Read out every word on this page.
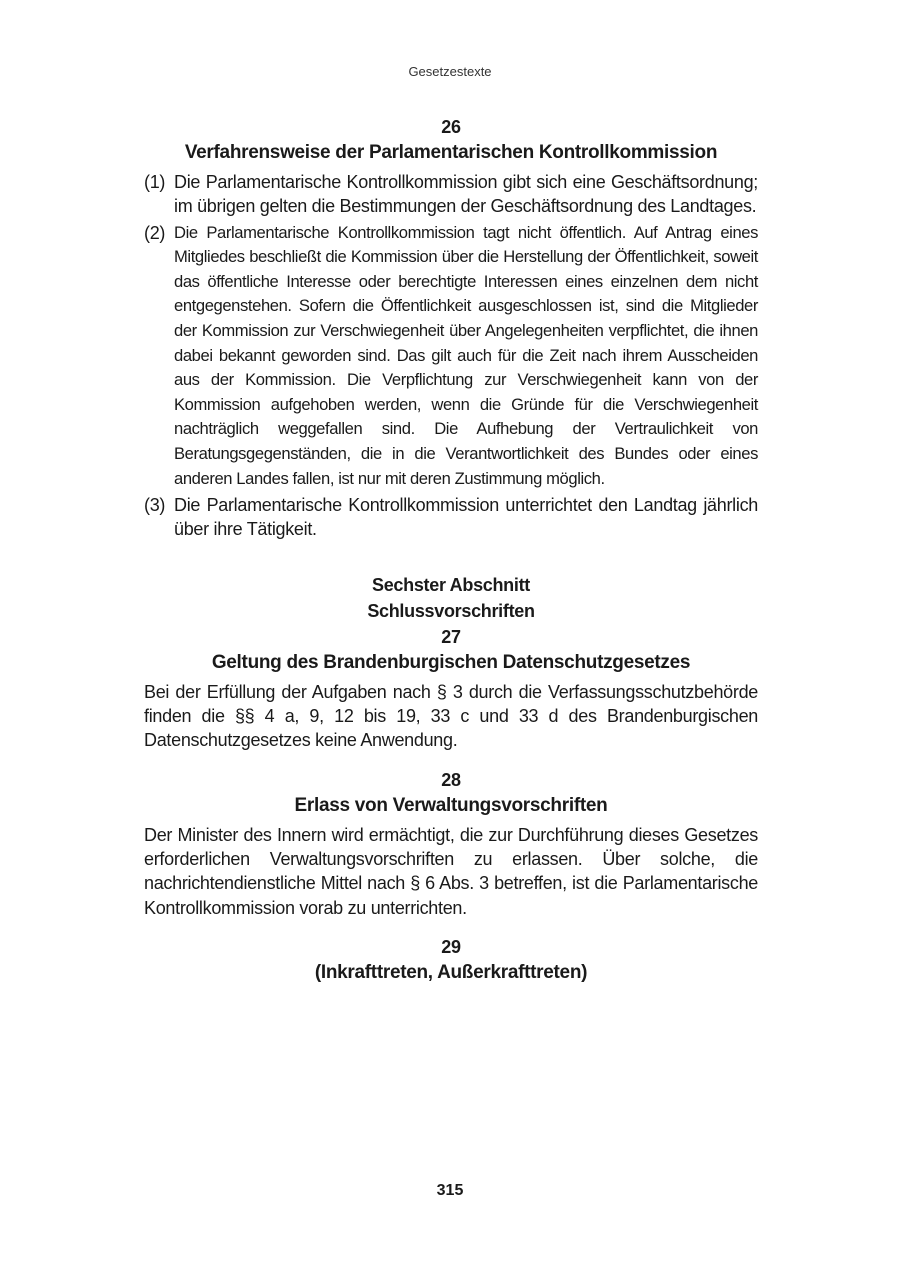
Gesetzestexte
26
Verfahrensweise der Parlamentarischen Kontrollkommission
(1) Die Parlamentarische Kontrollkommission gibt sich eine Geschäftsordnung; im übrigen gelten die Bestimmungen der Geschäftsordnung des Landtages.
(2) Die Parlamentarische Kontrollkommission tagt nicht öffentlich. Auf Antrag eines Mitgliedes beschließt die Kommission über die Herstellung der Öffentlichkeit, soweit das öffentliche Interesse oder berechtigte Interessen eines einzelnen dem nicht entgegenstehen. Sofern die Öffentlichkeit ausgeschlossen ist, sind die Mitglieder der Kommission zur Verschwiegenheit über Angelegenheiten verpflichtet, die ihnen dabei bekannt geworden sind. Das gilt auch für die Zeit nach ihrem Ausscheiden aus der Kommission. Die Verpflichtung zur Verschwiegenheit kann von der Kommission aufgehoben werden, wenn die Gründe für die Verschwiegenheit nachträglich weggefallen sind. Die Aufhebung der Vertraulichkeit von Beratungsgegenständen, die in die Verantwortlichkeit des Bundes oder eines anderen Landes fallen, ist nur mit deren Zustimmung möglich.
(3) Die Parlamentarische Kontrollkommission unterrichtet den Landtag jährlich über ihre Tätigkeit.
Sechster Abschnitt
Schlussvorschriften
27
Geltung des Brandenburgischen Datenschutzgesetzes
Bei der Erfüllung der Aufgaben nach § 3 durch die Verfassungsschutzbehörde finden die §§ 4 a, 9, 12 bis 19, 33 c und 33 d des Brandenburgischen Datenschutzgesetzes keine Anwendung.
28
Erlass von Verwaltungsvorschriften
Der Minister des Innern wird ermächtigt, die zur Durchführung dieses Gesetzes erforderlichen Verwaltungsvorschriften zu erlassen. Über solche, die nachrichtendienstliche Mittel nach § 6 Abs. 3 betreffen, ist die Parlamentarische Kontrollkommission vorab zu unterrichten.
29
(Inkrafttreten, Außerkrafttreten)
315
